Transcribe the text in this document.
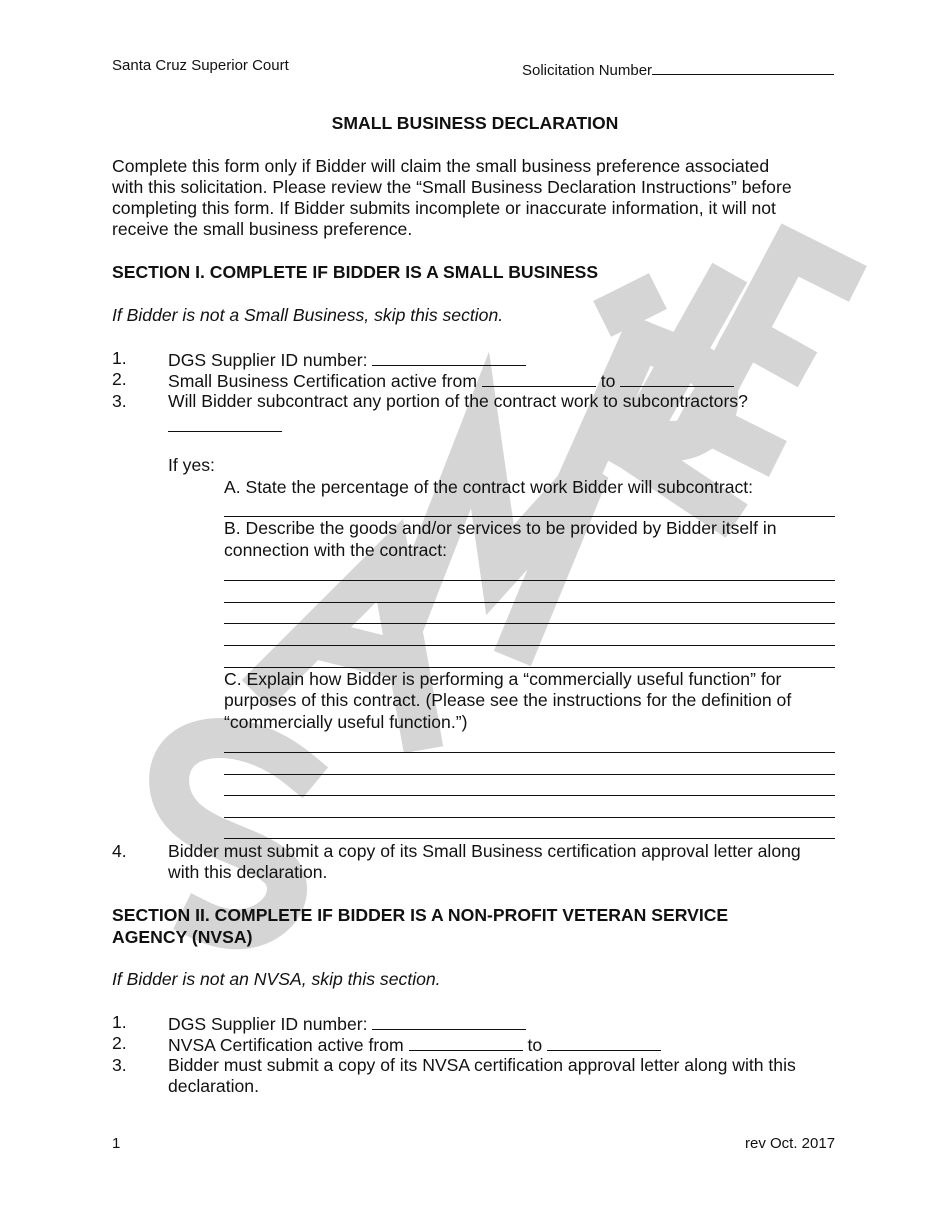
Santa Cruz Superior Court	Solicitation Number
SMALL BUSINESS DECLARATION
Complete this form only if Bidder will claim the small business preference associated
with this solicitation. Please review the “Small Business Declaration Instructions” before
completing this form. If Bidder submits incomplete or inaccurate information, it will not
receive the small business preference.
SECTION I. COMPLETE IF BIDDER IS A SMALL BUSINESS
If Bidder is not a Small Business, skip this section.
1. DGS Supplier ID number:
2. Small Business Certification active from	to
3. Will Bidder subcontract any portion of the contract work to subcontractors?
If yes:
A. State the percentage of the contract work Bidder will subcontract:
B. Describe the goods and/or services to be provided by Bidder itself in
connection with the contract:
C. Explain how Bidder is performing a “commercially useful function” for
purposes of this contract. (Please see the instructions for the definition of
“commercially useful function.”)
4. Bidder must submit a copy of its Small Business certification approval letter along
with this declaration.
SECTION II. COMPLETE IF BIDDER IS A NON-PROFIT VETERAN SERVICE
AGENCY (NVSA)
If Bidder is not an NVSA, skip this section.
1. DGS Supplier ID number:
2. NVSA Certification active from	to
3. Bidder must submit a copy of its NVSA certification approval letter along with this
declaration.
1	rev Oct. 2017
